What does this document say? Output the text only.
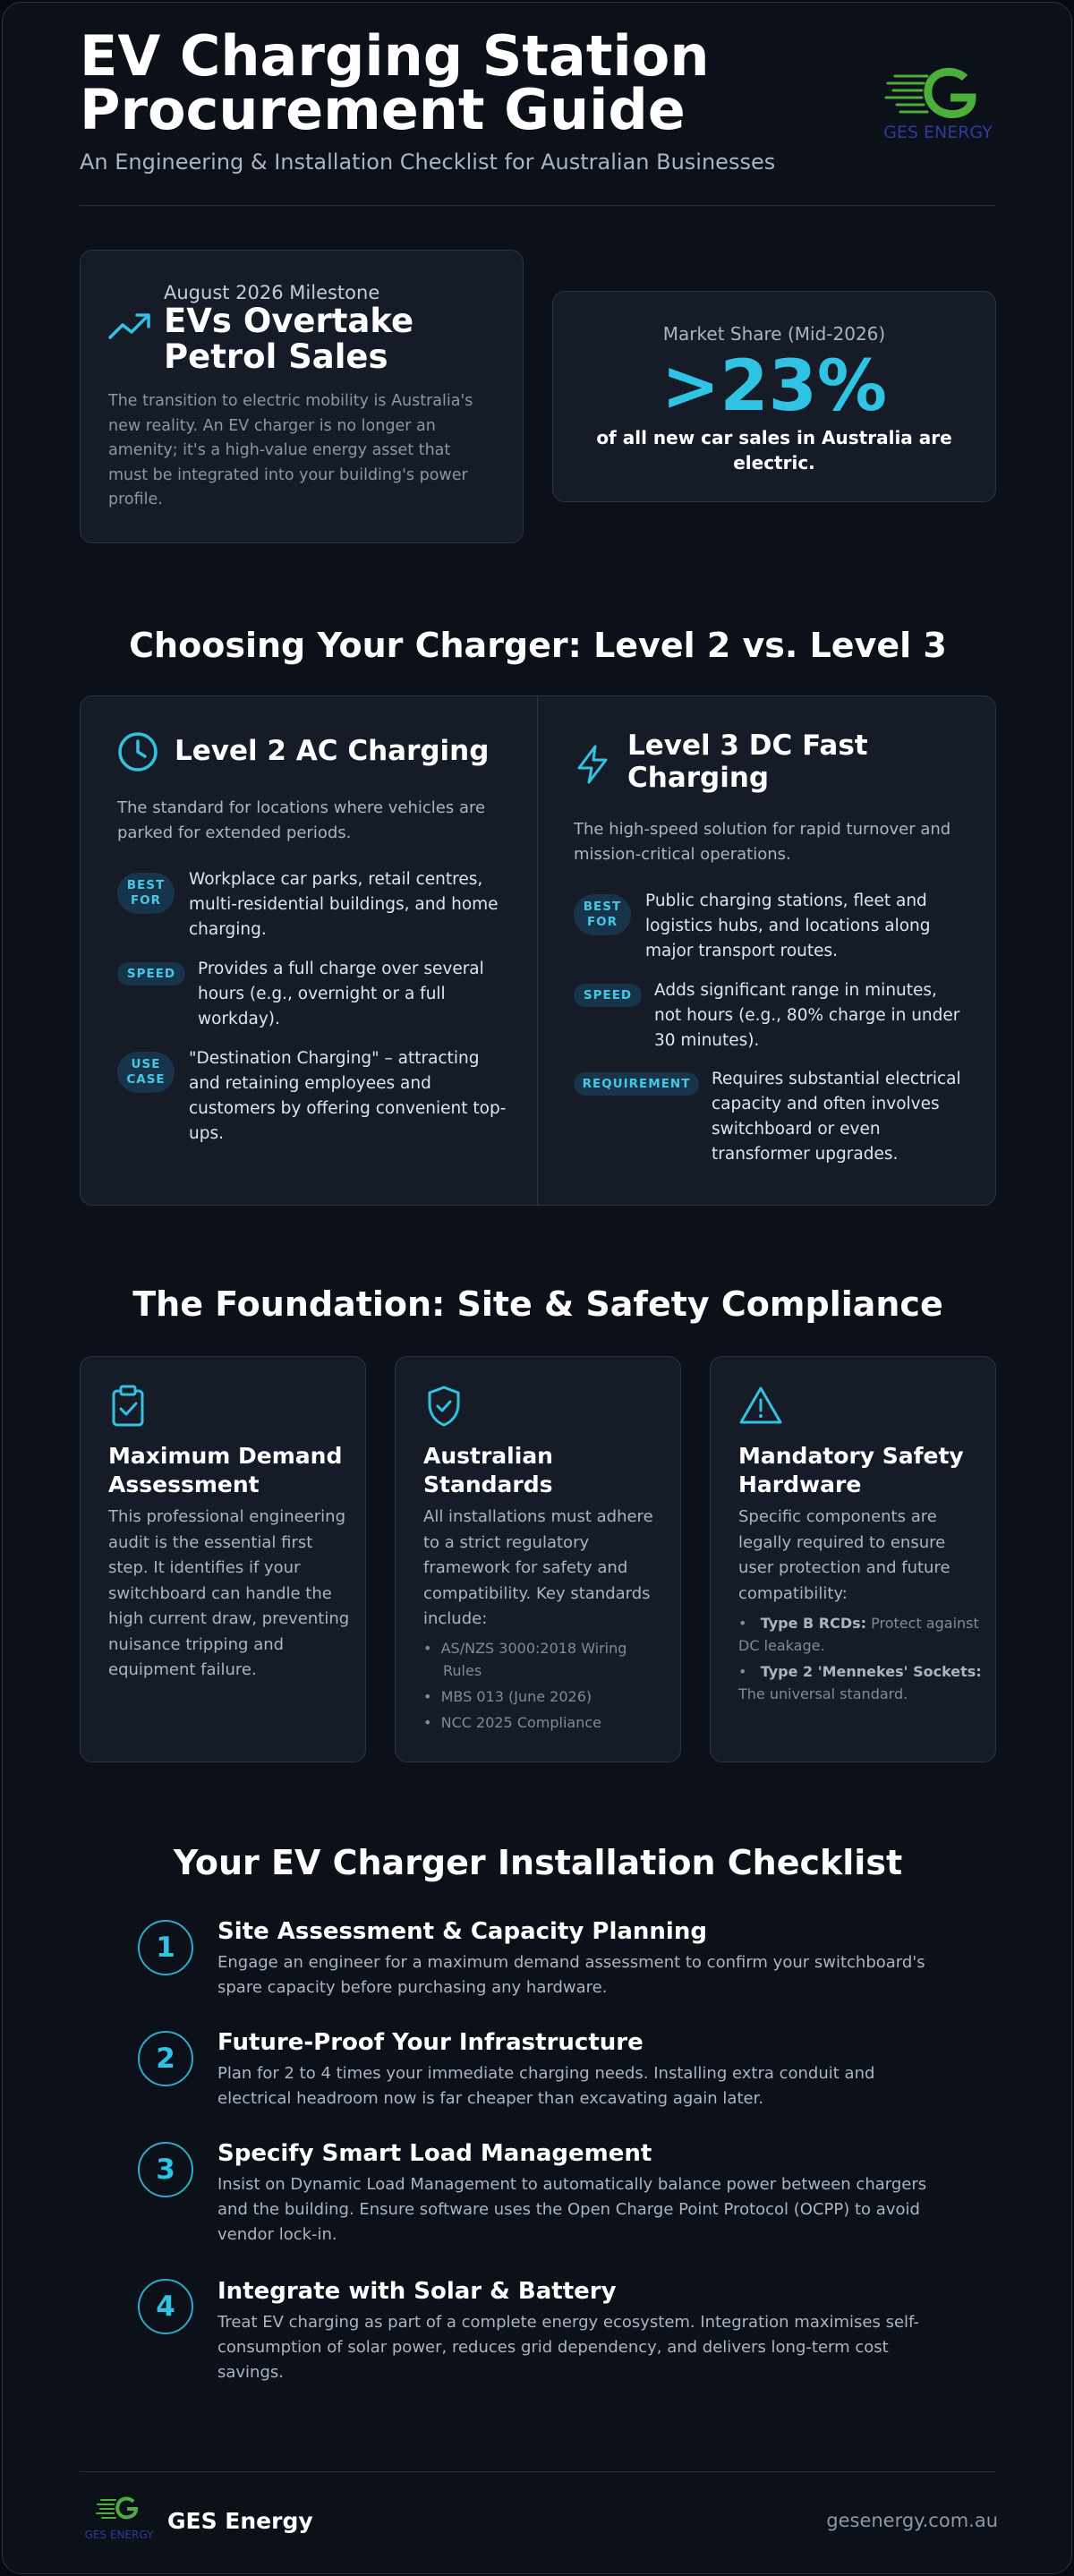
EV Charging Station Procurement Guide
An Engineering & Installation Checklist for Australian Businesses
GES ENERGY
August 2026 Milestone
EVs Overtake Petrol Sales

The transition to electric mobility is Australia's new reality. An EV charger is no longer an amenity; it's a high-value energy asset that must be integrated into your building's power profile.

Market Share (Mid-2026)
>23%
of all new car sales in Australia are electric.
Choosing Your Charger: Level 2 vs. Level 3
Level 2 AC Charging

The standard for locations where vehicles are parked for extended periods.

BEST FOR

Workplace car parks, retail centres, multi-residential buildings, and home charging.

SPEED	Provides a full charge over several hours (e.g., overnight or a full workday).

USE CASE

"Destination Charging" – attracting and retaining employees and customers by offering convenient top-ups.

Level 3 DC Fast Charging

The high-speed solution for rapid turnover and mission-critical operations.

BEST FOR

Public charging stations, fleet and logistics hubs, and locations along major transport routes.

SPEED	Adds significant range in minutes, not hours (e.g., 80% charge in under 30 minutes).

REQUIREMENT	Requires substantial electrical capacity and often involves switchboard or even transformer upgrades.

The Foundation: Site & Safety Compliance
Maximum Demand Assessment

This professional engineering audit is the essential first step. It identifies if your switchboard can handle the high current draw, preventing nuisance tripping and equipment failure.

Australian Standards

All installations must adhere to a strict regulatory framework for safety and compatibility. Key standards include:

•  AS/NZS 3000:2018 Wiring Rules
•  MBS 013 (June 2026)
•  NCC 2025 Compliance
Mandatory Safety Hardware

Specific components are legally required to ensure user protection and future compatibility:

•   Type B RCDs: Protect against DC leakage.
•   Type 2 'Mennekes' Sockets: The universal standard.
Your EV Charger Installation Checklist
1	Site Assessment & Capacity Planning

Engage an engineer for a maximum demand assessment to confirm your switchboard's spare capacity before purchasing any hardware.

2	Future-Proof Your Infrastructure

Plan for 2 to 4 times your immediate charging needs. Installing extra conduit and electrical headroom now is far cheaper than excavating again later.

3	Specify Smart Load Management

Insist on Dynamic Load Management to automatically balance power between chargers and the building. Ensure software uses the Open Charge Point Protocol (OCPP) to avoid vendor lock-in.

4	Integrate with Solar & Battery

Treat EV charging as part of a complete energy ecosystem. Integration maximises self-consumption of solar power, reduces grid dependency, and delivers long-term cost savings.

GES ENERGY
GES Energy	gesenergy.com.au
